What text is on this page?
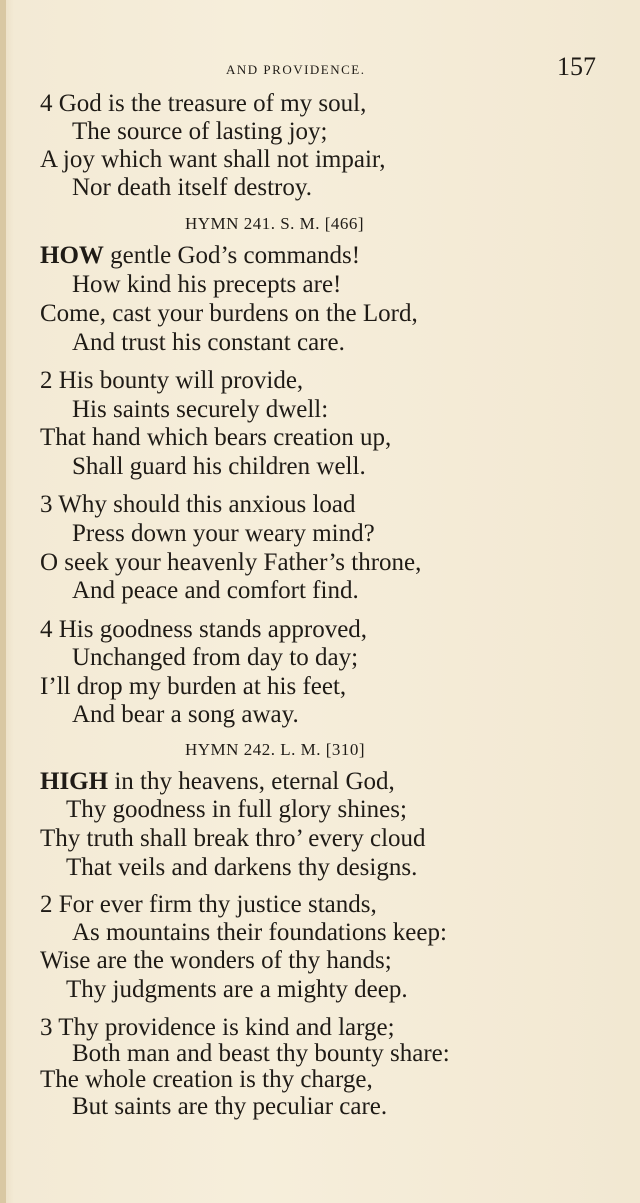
AND PROVIDENCE.	157
4 God is the treasure of my soul,
The source of lasting joy;
A joy which want shall not impair,
Nor death itself destroy.
HYMN 241. S. M. [466]
HOW gentle God’s commands!
How kind his precepts are!
Come, cast your burdens on the Lord,
And trust his constant care.
2 His bounty will provide,
His saints securely dwell:
That hand which bears creation up,
Shall guard his children well.
3 Why should this anxious load
Press down your weary mind?
O seek your heavenly Father’s throne,
And peace and comfort find.
4 His goodness stands approved,
Unchanged from day to day;
I’ll drop my burden at his feet,
And bear a song away.
HYMN 242. L. M. [310]
HIGH in thy heavens, eternal God,
Thy goodness in full glory shines;
Thy truth shall break thro’ every cloud
That veils and darkens thy designs.
2 For ever firm thy justice stands,
As mountains their foundations keep:
Wise are the wonders of thy hands;
Thy judgments are a mighty deep.
3 Thy providence is kind and large;
Both man and beast thy bounty share:
The whole creation is thy charge,
But saints are thy peculiar care.
